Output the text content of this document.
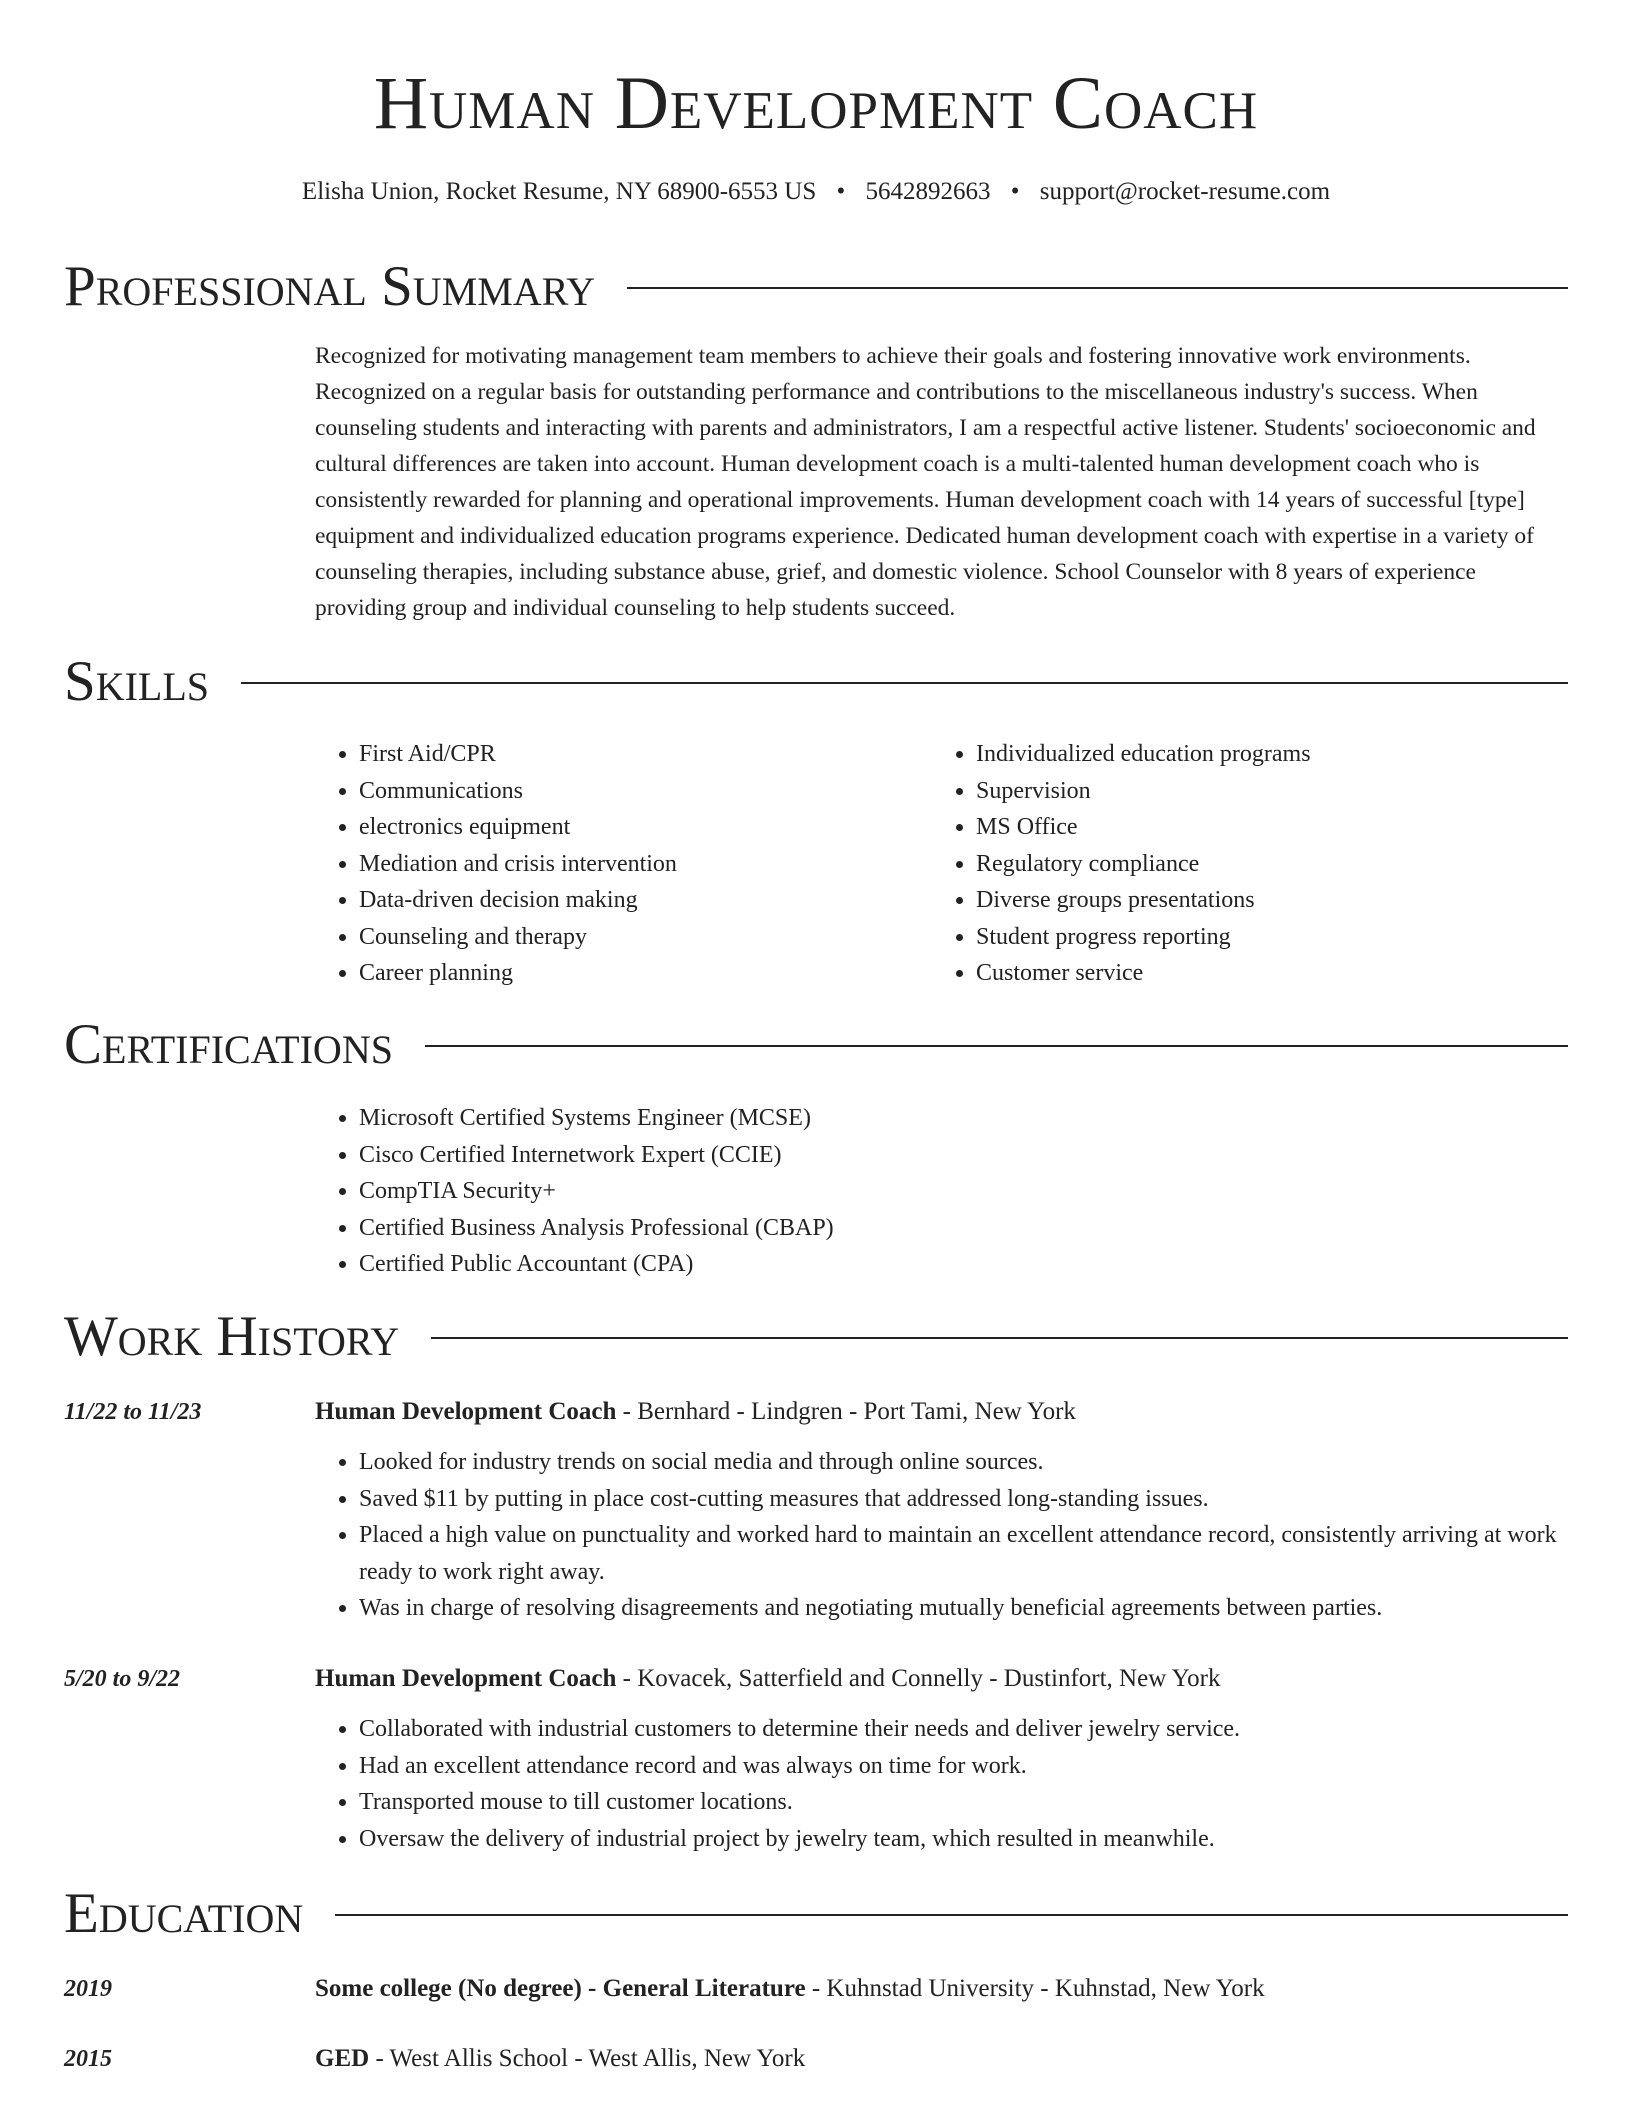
Human Development Coach
Elisha Union, Rocket Resume, NY 68900-6553 US • 5642892663 • support@rocket-resume.com
Professional Summary

Recognized for motivating management team members to achieve their goals and fostering innovative work environments. Recognized on a regular basis for outstanding performance and contributions to the miscellaneous industry's success. When counseling students and interacting with parents and administrators, I am a respectful active listener. Students' socioeconomic and cultural differences are taken into account. Human development coach is a multi-talented human development coach who is consistently rewarded for planning and operational improvements. Human development coach with 14 years of successful [type] equipment and individualized education programs experience. Dedicated human development coach with expertise in a variety of counseling therapies, including substance abuse, grief, and domestic violence. School Counselor with 8 years of experience providing group and individual counseling to help students succeed.

Skills
• First Aid/CPR
• Communications
• electronics equipment
• Mediation and crisis intervention
• Data-driven decision making
• Counseling and therapy
• Career planning
• Individualized education programs
• Supervision
• MS Office
• Regulatory compliance
• Diverse groups presentations
• Student progress reporting
• Customer service
Certifications
• Microsoft Certified Systems Engineer (MCSE)
• Cisco Certified Internetwork Expert (CCIE)
• CompTIA Security+
• Certified Business Analysis Professional (CBAP)
• Certified Public Accountant (CPA)
Work History
11/22 to 11/23	Human Development Coach - Bernhard - Lindgren - Port Tami, New York
• Looked for industry trends on social media and through online sources.
• Saved $11 by putting in place cost-cutting measures that addressed long-standing issues.
• Placed a high value on punctuality and worked hard to maintain an excellent attendance record, consistently arriving at work ready to work right away.
• Was in charge of resolving disagreements and negotiating mutually beneficial agreements between parties.
5/20 to 9/22	Human Development Coach - Kovacek, Satterfield and Connelly - Dustinfort, New York
• Collaborated with industrial customers to determine their needs and deliver jewelry service.
• Had an excellent attendance record and was always on time for work.
• Transported mouse to till customer locations.
• Oversaw the delivery of industrial project by jewelry team, which resulted in meanwhile.
Education
2019	Some college (No degree) - General Literature - Kuhnstad University - Kuhnstad, New York
2015	GED - West Allis School - West Allis, New York
